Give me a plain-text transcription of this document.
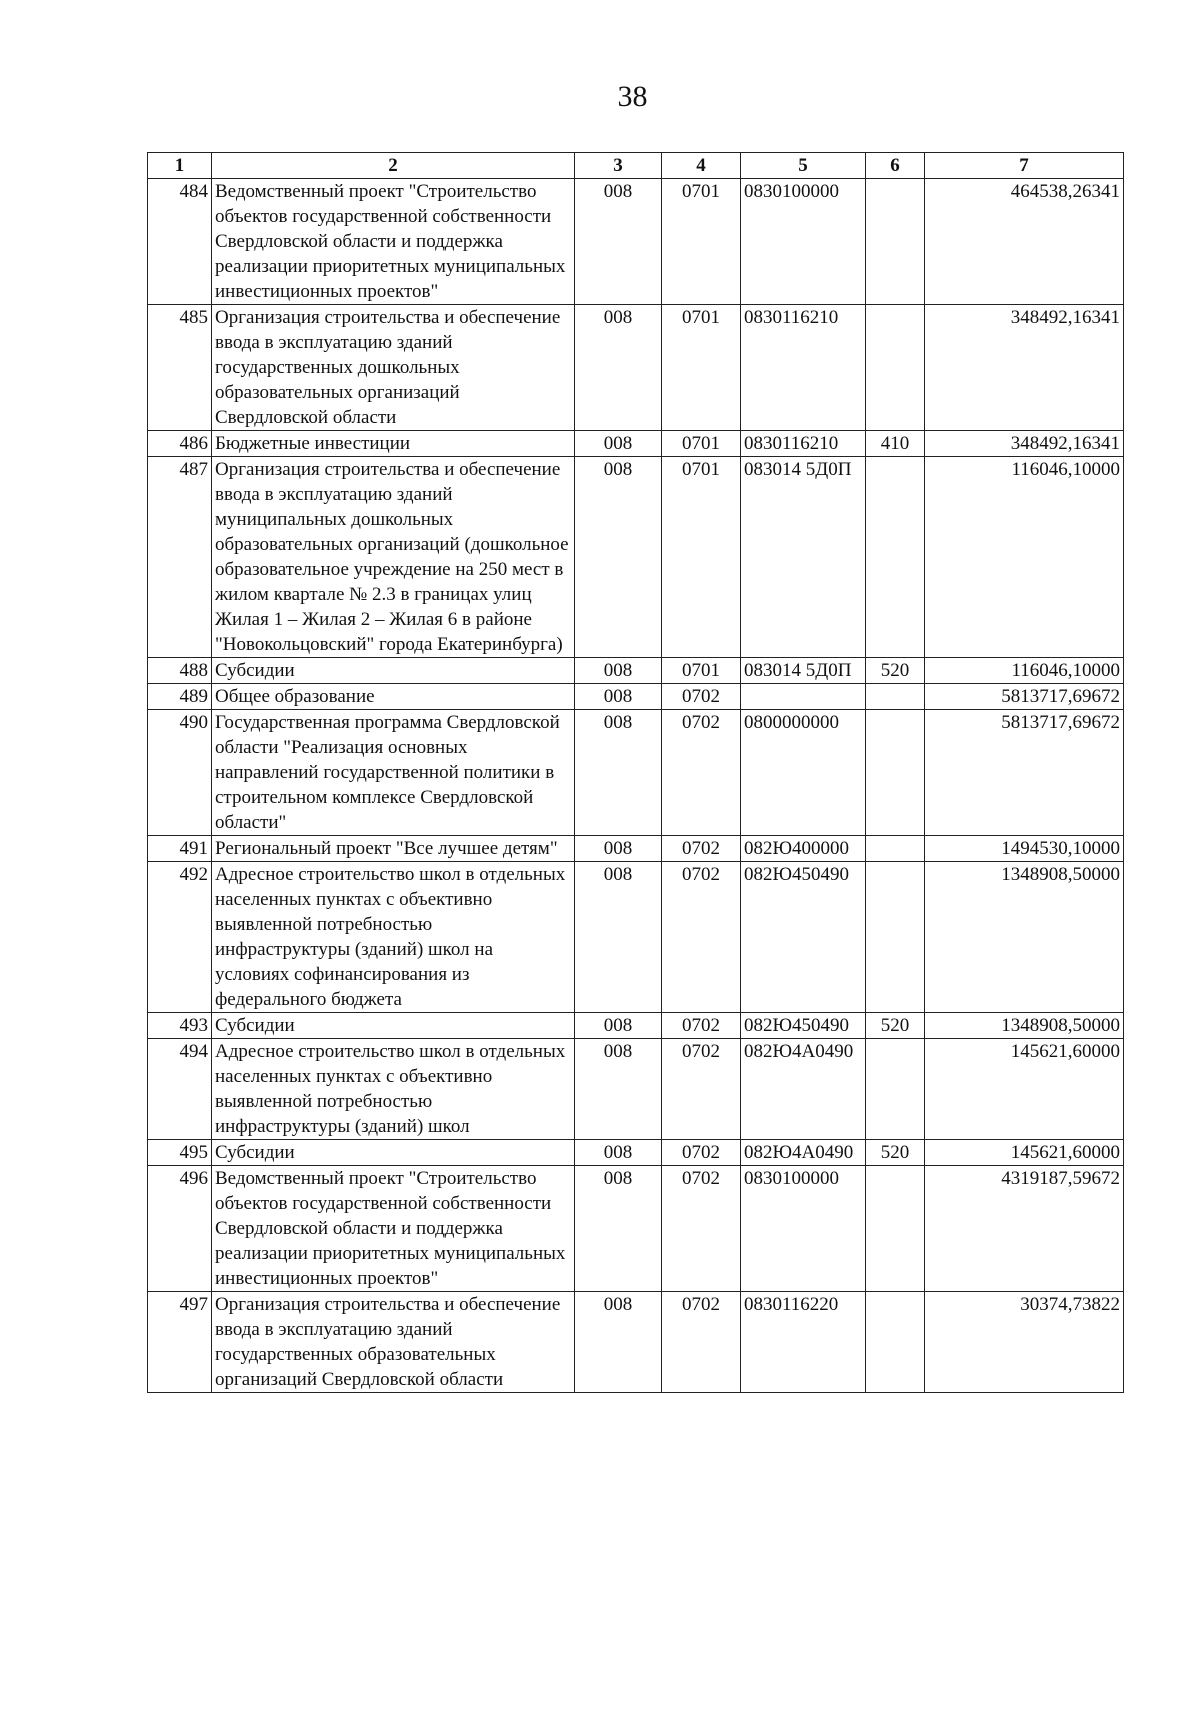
38
1	2	3	4	5	6	7
484	Ведомственный проект "Строительство объектов государственной собственности Свердловской области и поддержка реализации приоритетных муниципальных инвестиционных проектов"	008	0701	0830100000		464538,26341
485	Организация строительства и обеспечение ввода в эксплуатацию зданий государственных дошкольных образовательных организаций Свердловской области	008	0701	0830116210		348492,16341
486	Бюджетные инвестиции	008	0701	0830116210	410	348492,16341
487	Организация строительства и обеспечение ввода в эксплуатацию зданий муниципальных дошкольных образовательных организаций (дошкольное образовательное учреждение на 250 мест в жилом квартале № 2.3 в границах улиц Жилая 1 – Жилая 2 – Жилая 6 в районе "Новокольцовский" города Екатеринбурга)	008	0701	083014 5Д0П		116046,10000
488	Субсидии	008	0701	083014 5Д0П	520	116046,10000
489	Общее образование	008	0702			5813717,69672
490	Государственная программа Свердловской области "Реализация основных направлений государственной политики в строительном комплексе Свердловской области"	008	0702	0800000000		5813717,69672
491	Региональный проект "Все лучшее детям"	008	0702	082Ю400000		1494530,10000
492	Адресное строительство школ в отдельных населенных пунктах с объективно выявленной потребностью инфраструктуры (зданий) школ на условиях софинансирования из федерального бюджета	008	0702	082Ю450490		1348908,50000
493	Субсидии	008	0702	082Ю450490	520	1348908,50000
494	Адресное строительство школ в отдельных населенных пунктах с объективно выявленной потребностью инфраструктуры (зданий) школ	008	0702	082Ю4А0490		145621,60000
495	Субсидии	008	0702	082Ю4А0490	520	145621,60000
496	Ведомственный проект "Строительство объектов государственной собственности Свердловской области и поддержка реализации приоритетных муниципальных инвестиционных проектов"	008	0702	0830100000		4319187,59672
497	Организация строительства и обеспечение ввода в эксплуатацию зданий государственных образовательных организаций Свердловской области	008	0702	0830116220		30374,73822
